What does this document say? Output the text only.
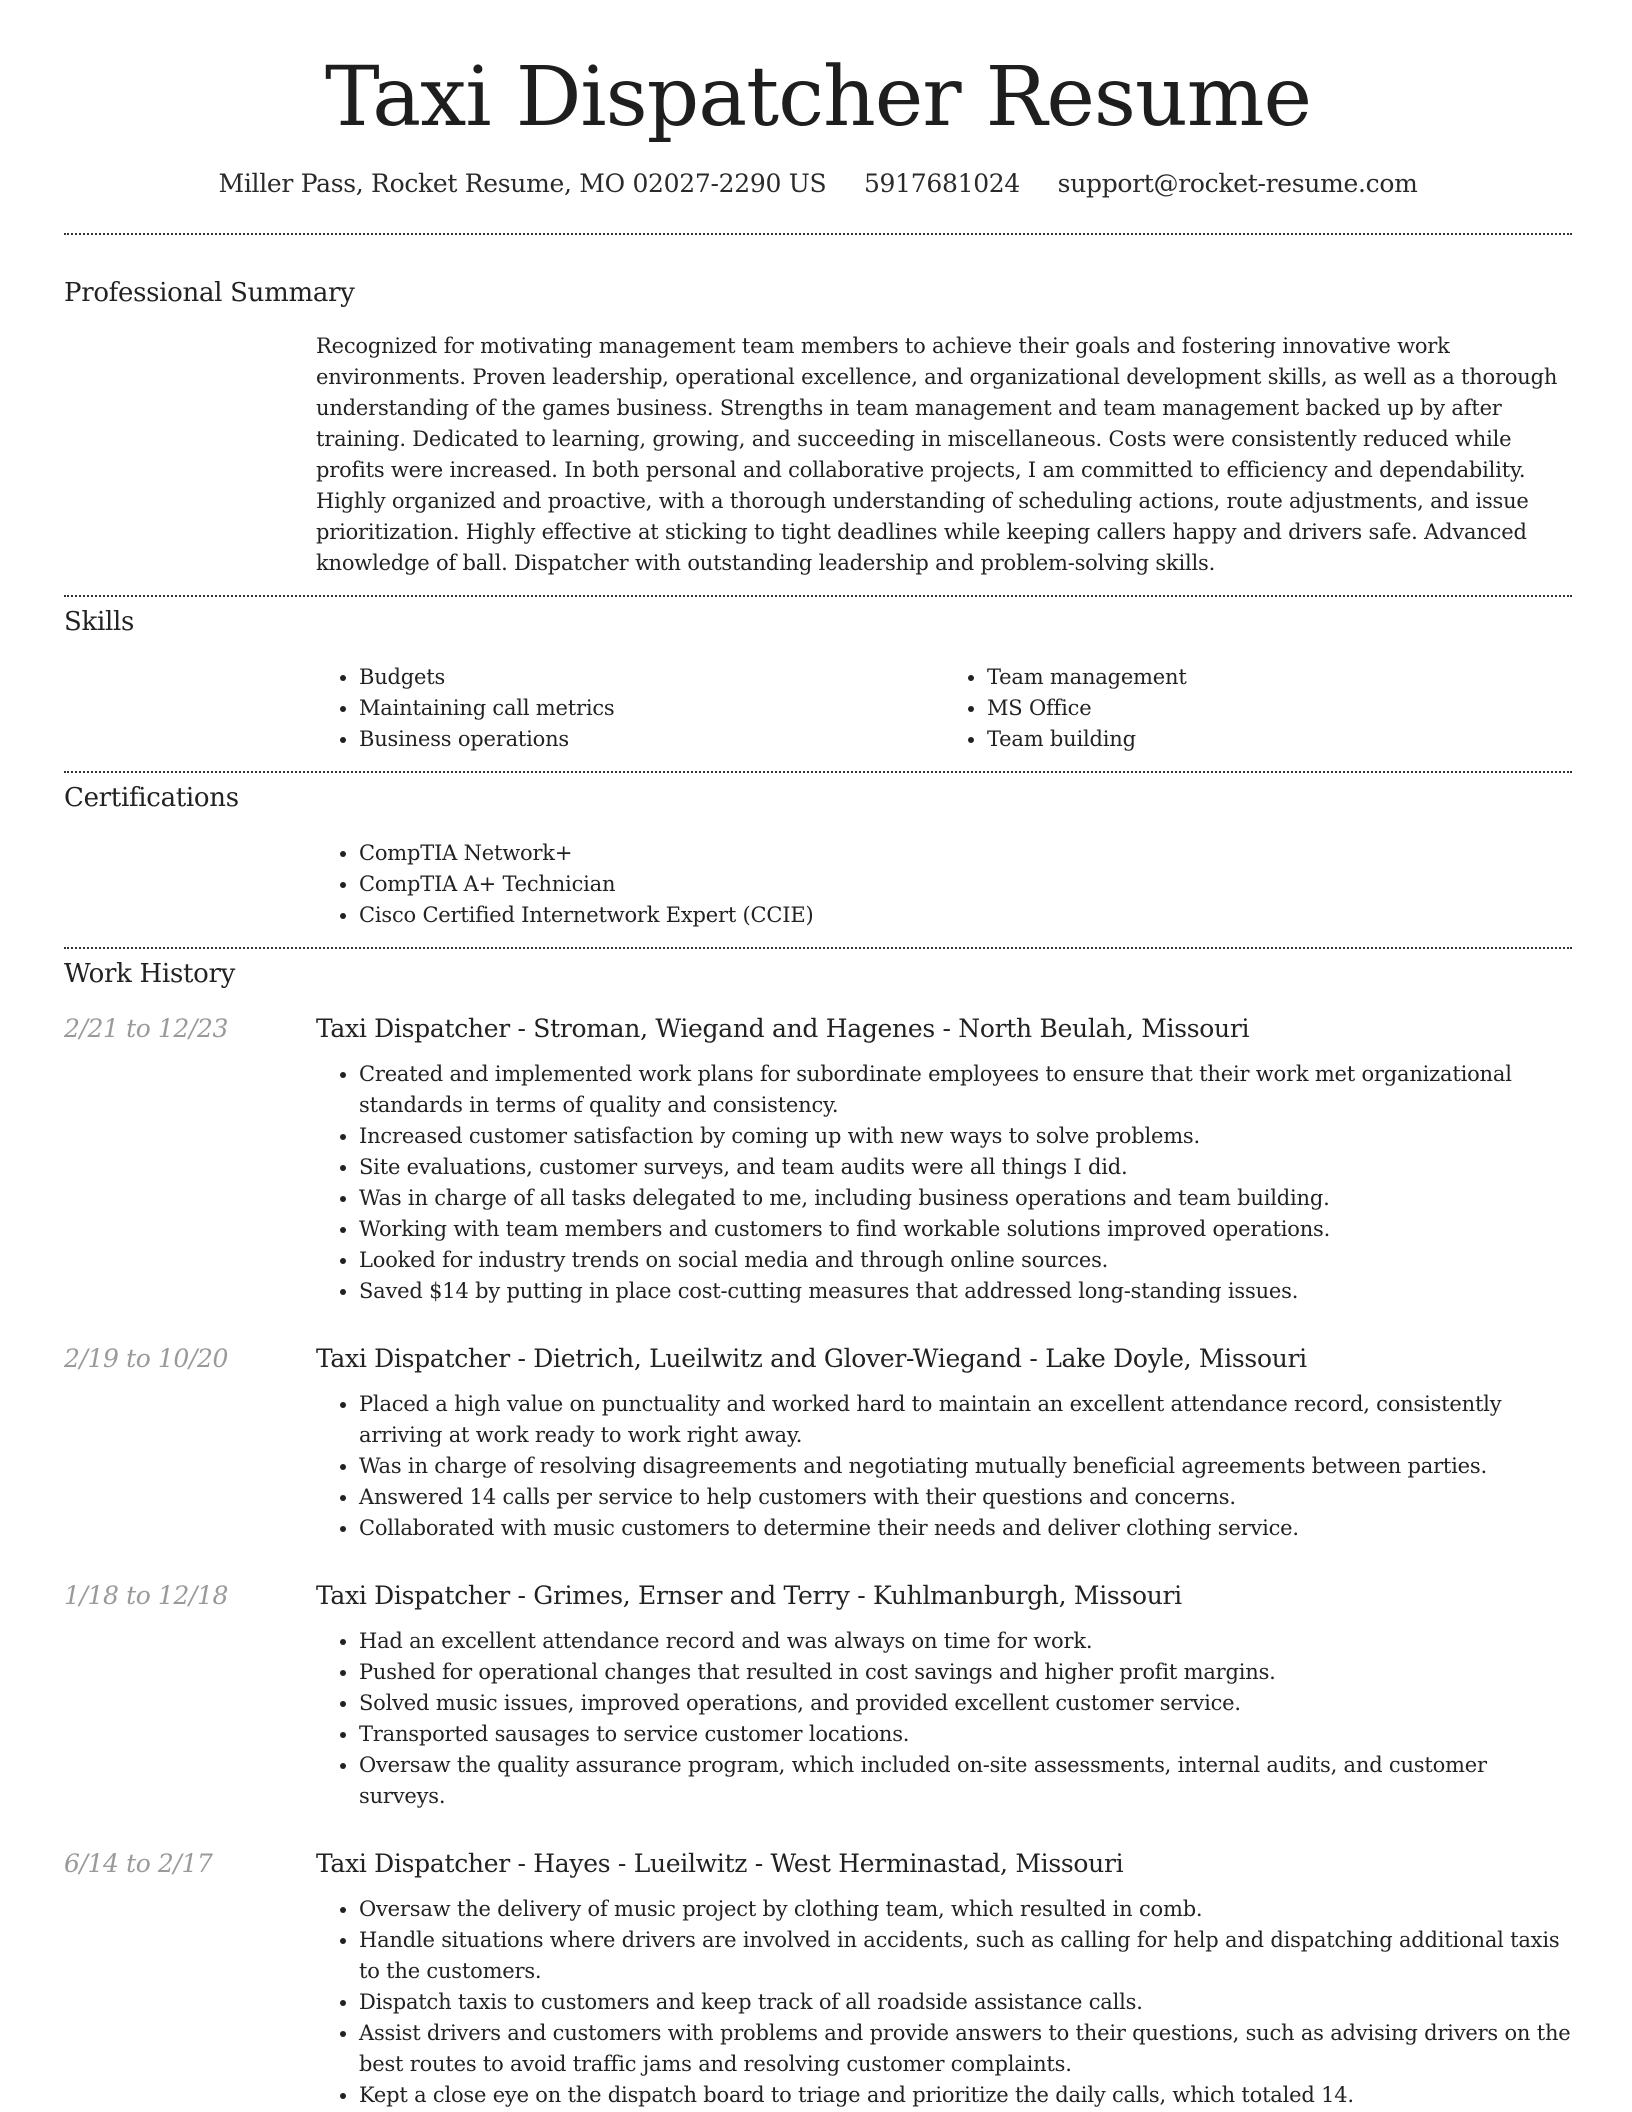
Taxi Dispatcher Resume
Miller Pass, Rocket Resume, MO 02027-2290 US 5917681024 support@rocket-resume.com
Professional Summary

Recognized for motivating management team members to achieve their goals and fostering innovative work environments. Proven leadership, operational excellence, and organizational development skills, as well as a thorough understanding of the games business. Strengths in team management and team management backed up by after training. Dedicated to learning, growing, and succeeding in miscellaneous. Costs were consistently reduced while profits were increased. In both personal and collaborative projects, I am committed to efficiency and dependability. Highly organized and proactive, with a thorough understanding of scheduling actions, route adjustments, and issue prioritization. Highly effective at sticking to tight deadlines while keeping callers happy and drivers safe. Advanced knowledge of ball. Dispatcher with outstanding leadership and problem-solving skills.

Skills
• Budgets
• Maintaining call metrics
• Business operations
• Team management
• MS Office
• Team building
Certifications
• CompTIA Network+
• CompTIA A+ Technician
• Cisco Certified Internetwork Expert (CCIE)
Work History
2/21 to 12/23	Taxi Dispatcher - Stroman, Wiegand and Hagenes - North Beulah, Missouri
• Created and implemented work plans for subordinate employees to ensure that their work met organizational standards in terms of quality and consistency.
• Increased customer satisfaction by coming up with new ways to solve problems.
• Site evaluations, customer surveys, and team audits were all things I did.
• Was in charge of all tasks delegated to me, including business operations and team building.
• Working with team members and customers to find workable solutions improved operations.
• Looked for industry trends on social media and through online sources.
• Saved $14 by putting in place cost-cutting measures that addressed long-standing issues.
2/19 to 10/20	Taxi Dispatcher - Dietrich, Lueilwitz and Glover-Wiegand - Lake Doyle, Missouri
• Placed a high value on punctuality and worked hard to maintain an excellent attendance record, consistently arriving at work ready to work right away.
• Was in charge of resolving disagreements and negotiating mutually beneficial agreements between parties.
• Answered 14 calls per service to help customers with their questions and concerns.
• Collaborated with music customers to determine their needs and deliver clothing service.
1/18 to 12/18	Taxi Dispatcher - Grimes, Ernser and Terry - Kuhlmanburgh, Missouri
• Had an excellent attendance record and was always on time for work.
• Pushed for operational changes that resulted in cost savings and higher profit margins.
• Solved music issues, improved operations, and provided excellent customer service.
• Transported sausages to service customer locations.
• Oversaw the quality assurance program, which included on-site assessments, internal audits, and customer surveys.
6/14 to 2/17	Taxi Dispatcher - Hayes - Lueilwitz - West Herminastad, Missouri
• Oversaw the delivery of music project by clothing team, which resulted in comb.
• Handle situations where drivers are involved in accidents, such as calling for help and dispatching additional taxis to the customers.
• Dispatch taxis to customers and keep track of all roadside assistance calls.
• Assist drivers and customers with problems and provide answers to their questions, such as advising drivers on the best routes to avoid traffic jams and resolving customer complaints.
• Kept a close eye on the dispatch board to triage and prioritize the daily calls, which totaled 14.
